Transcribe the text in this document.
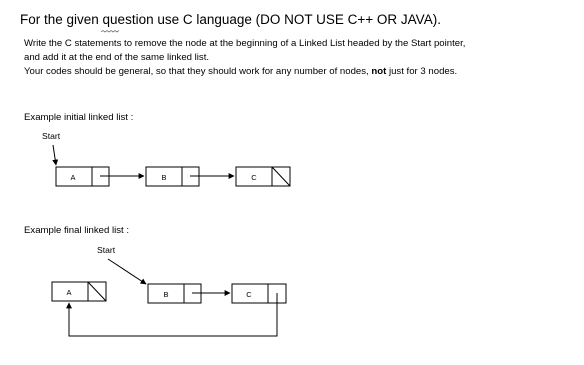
For the given question use C language (DO NOT USE C++ OR JAVA).
Write the C statements to remove the node at the beginning of a Linked List headed by the Start pointer,
and add it at the end of the same linked list.
Your codes should be general, so that they should work for any number of nodes, not just for 3 nodes.
Example initial linked list :
Start
Example final linked list :
Start
A	B	C
A	B	C
